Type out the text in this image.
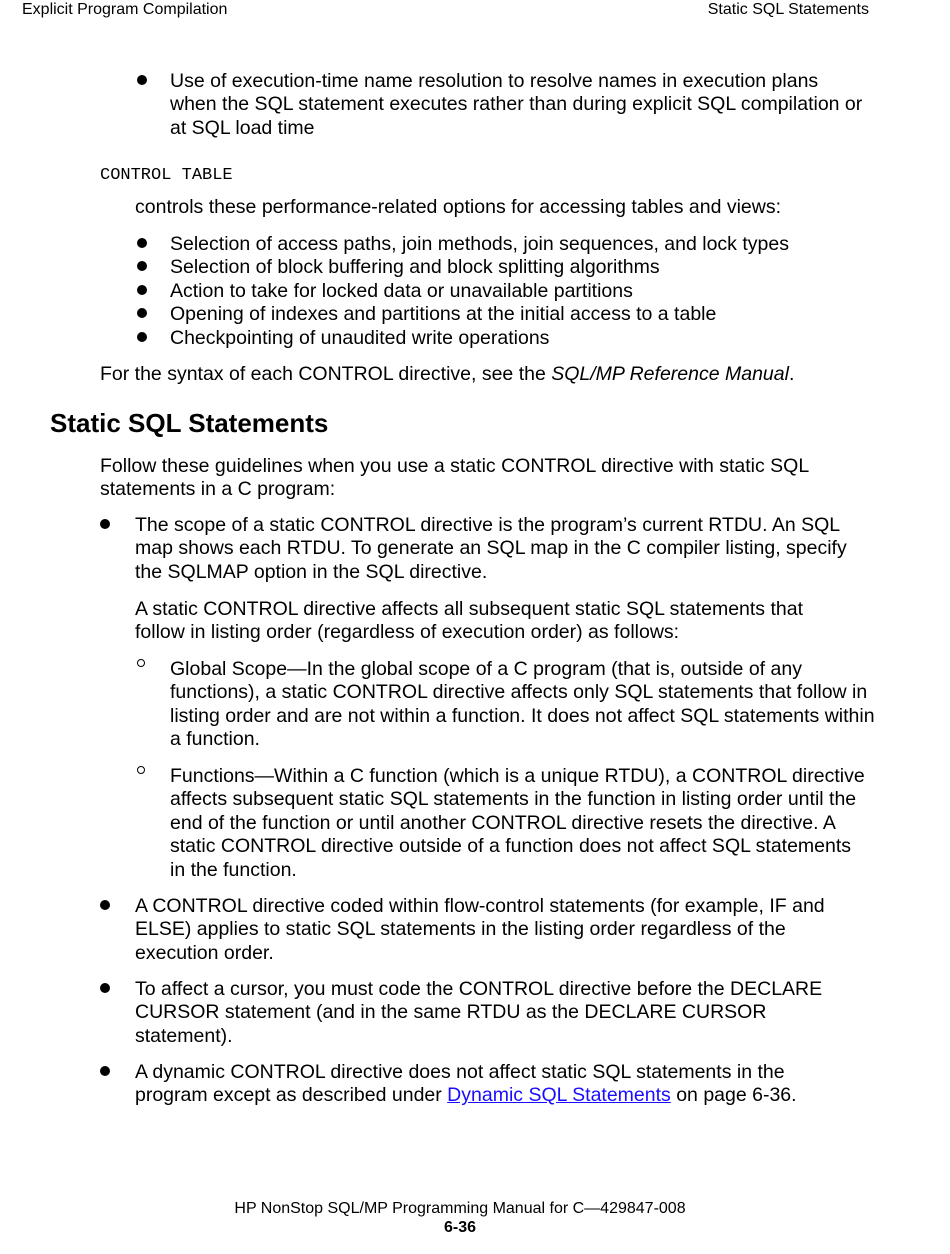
Explicit Program Compilation	Static SQL Statements

Use of execution-time name resolution to resolve names in execution plans when the SQL statement executes rather than during explicit SQL compilation or at SQL load time

CONTROL TABLE

controls these performance-related options for accessing tables and views:

Selection of access paths, join methods, join sequences, and lock types

Selection of block buffering and block splitting algorithms

Action to take for locked data or unavailable partitions

Opening of indexes and partitions at the initial access to a table

Checkpointing of unaudited write operations

For the syntax of each CONTROL directive, see the SQL/MP Reference Manual.

Static SQL Statements

Follow these guidelines when you use a static CONTROL directive with static SQL statements in a C program:

The scope of a static CONTROL directive is the program’s current RTDU. An SQL map shows each RTDU. To generate an SQL map in the C compiler listing, specify the SQLMAP option in the SQL directive.

A static CONTROL directive affects all subsequent static SQL statements that follow in listing order (regardless of execution order) as follows:

Global Scope—In the global scope of a C program (that is, outside of any functions), a static CONTROL directive affects only SQL statements that follow in listing order and are not within a function. It does not affect SQL statements within a function.

Functions—Within a C function (which is a unique RTDU), a CONTROL directive affects subsequent static SQL statements in the function in listing order until the end of the function or until another CONTROL directive resets the directive. A static CONTROL directive outside of a function does not affect SQL statements in the function.

A CONTROL directive coded within flow-control statements (for example, IF and ELSE) applies to static SQL statements in the listing order regardless of the execution order.

To affect a cursor, you must code the CONTROL directive before the DECLARE CURSOR statement (and in the same RTDU as the DECLARE CURSOR statement).

A dynamic CONTROL directive does not affect static SQL statements in the program except as described under Dynamic SQL Statements on page 6-36.

HP NonStop SQL/MP Programming Manual for C—429847-008
6-36
